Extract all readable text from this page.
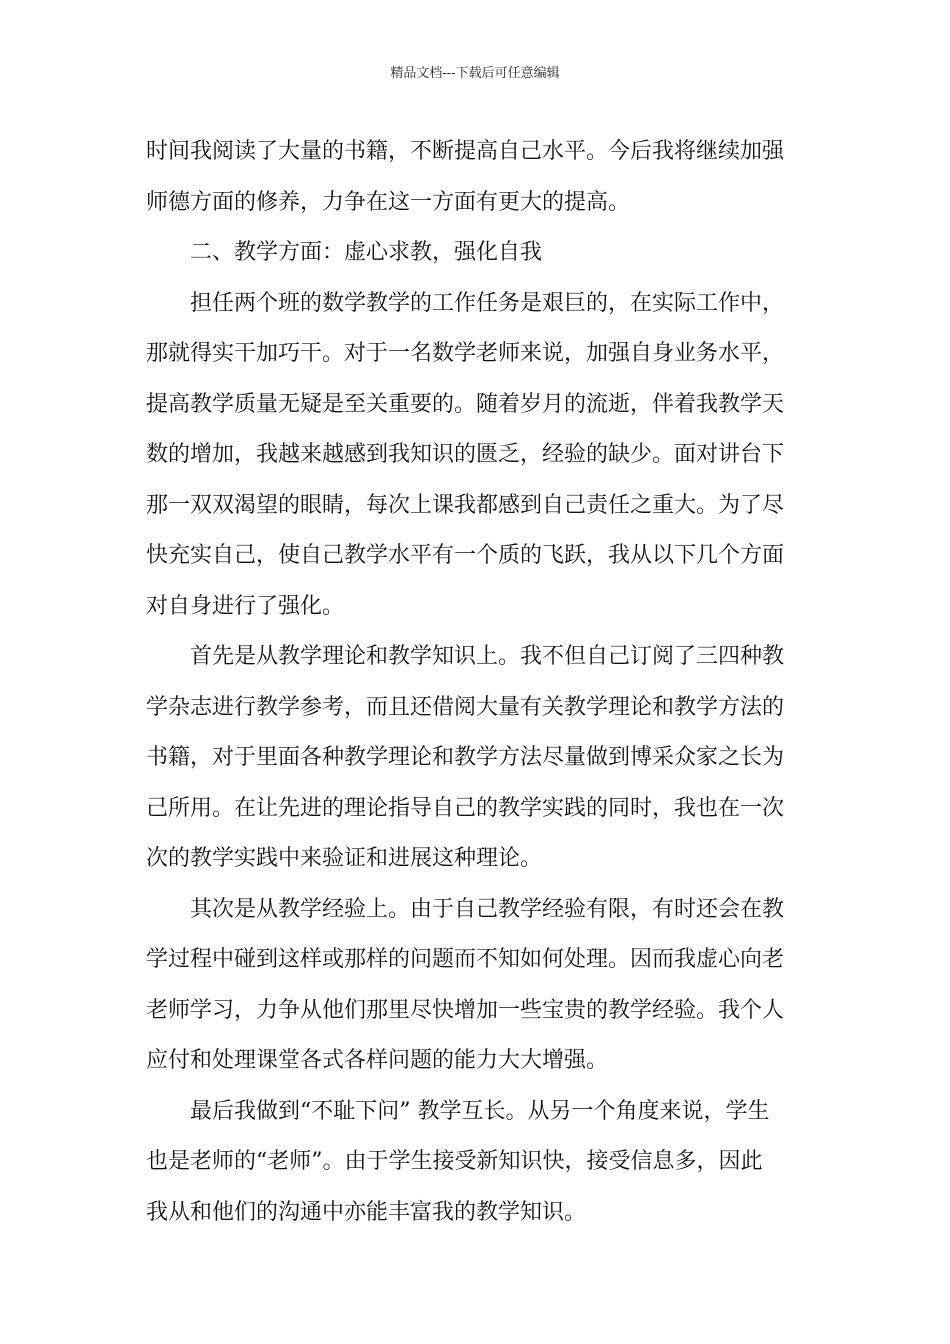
精品文档---下载后可任意编辑
时间我阅读了大量的书籍，不断提高自己水平。今后我将继续加强
师德方面的修养，力争在这一方面有更大的提高。
二、教学方面：虚心求教，强化自我
担任两个班的数学教学的工作任务是艰巨的，在实际工作中，
那就得实干加巧干。对于一名数学老师来说，加强自身业务水平，
提高教学质量无疑是至关重要的。随着岁月的流逝，伴着我教学天
数的增加，我越来越感到我知识的匮乏，经验的缺少。面对讲台下
那一双双渴望的眼睛，每次上课我都感到自己责任之重大。为了尽
快充实自己，使自己教学水平有一个质的飞跃，我从以下几个方面
对自身进行了强化。
首先是从教学理论和教学知识上。我不但自己订阅了三四种教
学杂志进行教学参考，而且还借阅大量有关教学理论和教学方法的
书籍，对于里面各种教学理论和教学方法尽量做到博采众家之长为
己所用。在让先进的理论指导自己的教学实践的同时，我也在一次
次的教学实践中来验证和进展这种理论。
其次是从教学经验上。由于自己教学经验有限，有时还会在教
学过程中碰到这样或那样的问题而不知如何处理。因而我虚心向老
老师学习，力争从他们那里尽快增加一些宝贵的教学经验。我个人
应付和处理课堂各式各样问题的能力大大增强。
最后我做到“不耻下问” 教学互长。从另一个角度来说，学生
也是老师的“老师”。由于学生接受新知识快，接受信息多，因此
我从和他们的沟通中亦能丰富我的教学知识。
